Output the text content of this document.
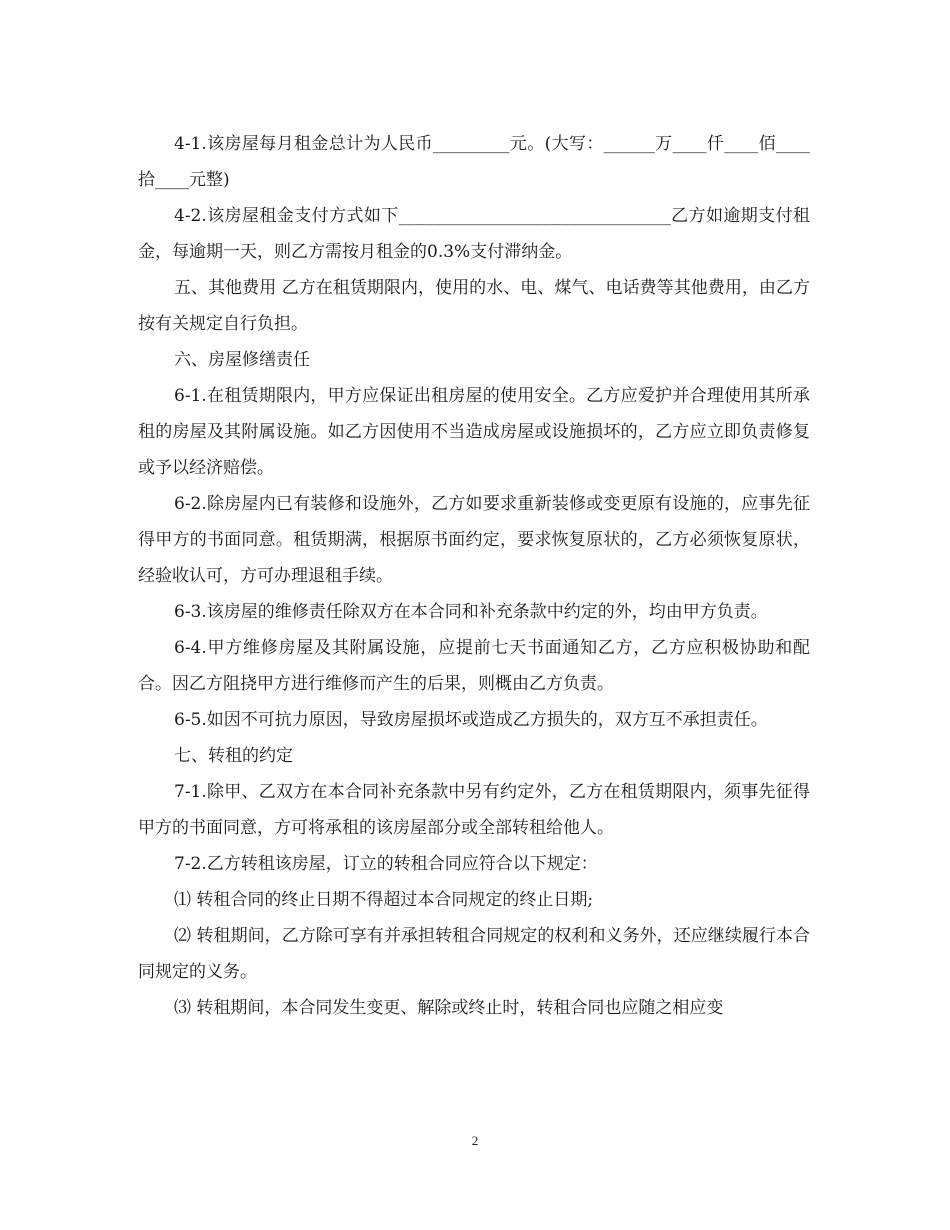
4-1.该房屋每月租金总计为人民币_________元。(大写：______万____仟____佰____拾____元整)

4-2.该房屋租金支付方式如下________________________________乙方如逾期支付租金，每逾期一天，则乙方需按月租金的0.3%支付滞纳金。

五、其他费用 乙方在租赁期限内，使用的水、电、煤气、电话费等其他费用，由乙方按有关规定自行负担。

六、房屋修缮责任

6-1.在租赁期限内，甲方应保证出租房屋的使用安全。乙方应爱护并合理使用其所承租的房屋及其附属设施。如乙方因使用不当造成房屋或设施损坏的，乙方应立即负责修复或予以经济赔偿。

6-2.除房屋内已有装修和设施外，乙方如要求重新装修或变更原有设施的，应事先征得甲方的书面同意。租赁期满，根据原书面约定，要求恢复原状的，乙方必须恢复原状，经验收认可，方可办理退租手续。

6-3.该房屋的维修责任除双方在本合同和补充条款中约定的外，均由甲方负责。

6-4.甲方维修房屋及其附属设施，应提前七天书面通知乙方，乙方应积极协助和配合。因乙方阻挠甲方进行维修而产生的后果，则概由乙方负责。

6-5.如因不可抗力原因，导致房屋损坏或造成乙方损失的，双方互不承担责任。

七、转租的约定

7-1.除甲、乙双方在本合同补充条款中另有约定外，乙方在租赁期限内，须事先征得甲方的书面同意，方可将承租的该房屋部分或全部转租给他人。

7-2.乙方转租该房屋，订立的转租合同应符合以下规定：

⑴ 转租合同的终止日期不得超过本合同规定的终止日期;

⑵ 转租期间，乙方除可享有并承担转租合同规定的权利和义务外，还应继续履行本合同规定的义务。

⑶ 转租期间，本合同发生变更、解除或终止时，转租合同也应随之相应变

2
